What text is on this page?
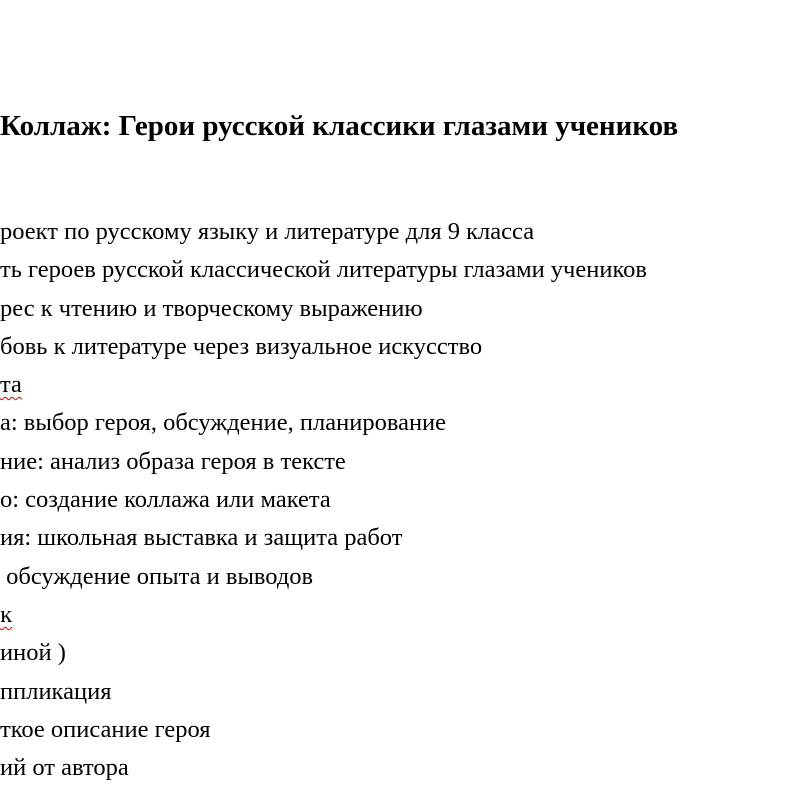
Коллаж: Герои русской классики глазами учеников
роект по русскому языку и литературе для 9 класса
ть героев русской классической литературы глазами учеников
рес к чтению и творческому выражению
бовь к литературе через визуальное искусство
та
а: выбор героя, обсуждение, планирование
ние: анализ образа героя в тексте
о: создание коллажа или макета
ия: школьная выставка и защита работ
обсуждение опыта и выводов
ĸ
иной )
ппликация
ткое описание героя
ий от автора
